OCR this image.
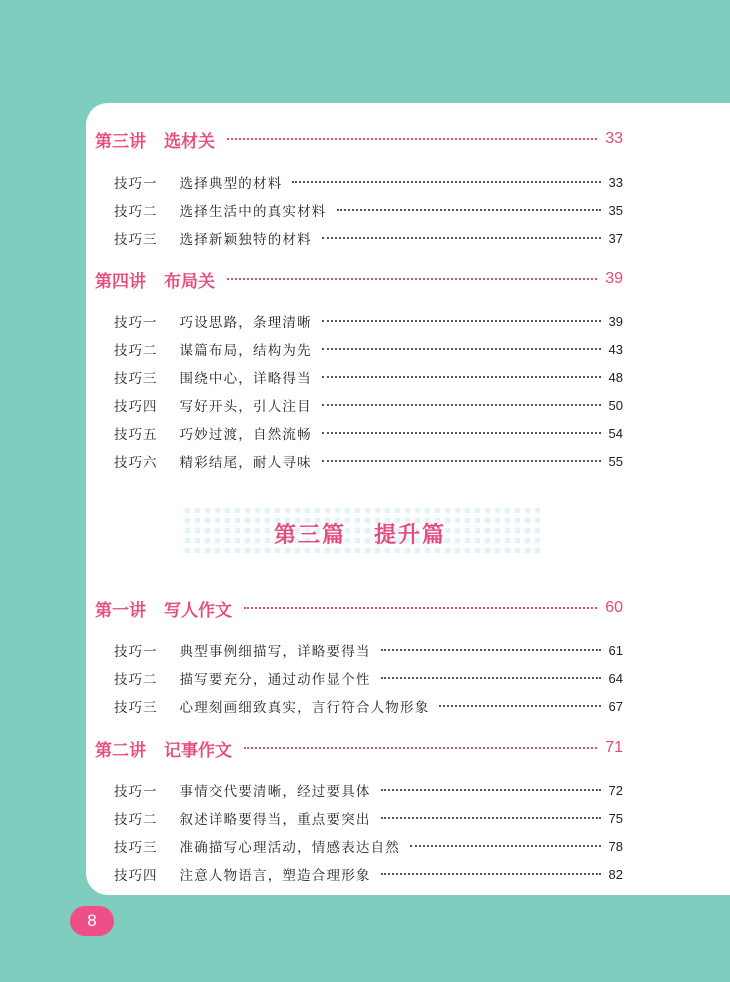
第三讲 选材关	33
技巧一 选择典型的材料	33
技巧二 选择生活中的真实材料	35
技巧三 选择新颖独特的材料	37
第四讲 布局关	39
技巧一 巧设思路，条理清晰	39
技巧二 谋篇布局，结构为先	43
技巧三 围绕中心，详略得当	48
技巧四 写好开头，引人注目	50
技巧五 巧妙过渡，自然流畅	54
技巧六 精彩结尾，耐人寻味	55
第三篇 提升篇
第一讲 写人作文	60
技巧一 典型事例细描写，详略要得当	61
技巧二 描写要充分，通过动作显个性	64
技巧三 心理刻画细致真实，言行符合人物形象	67
第二讲 记事作文	71
技巧一 事情交代要清晰，经过要具体	72
技巧二 叙述详略要得当，重点要突出	75
技巧三 准确描写心理活动，情感表达自然	78
技巧四 注意人物语言，塑造合理形象	82
8
